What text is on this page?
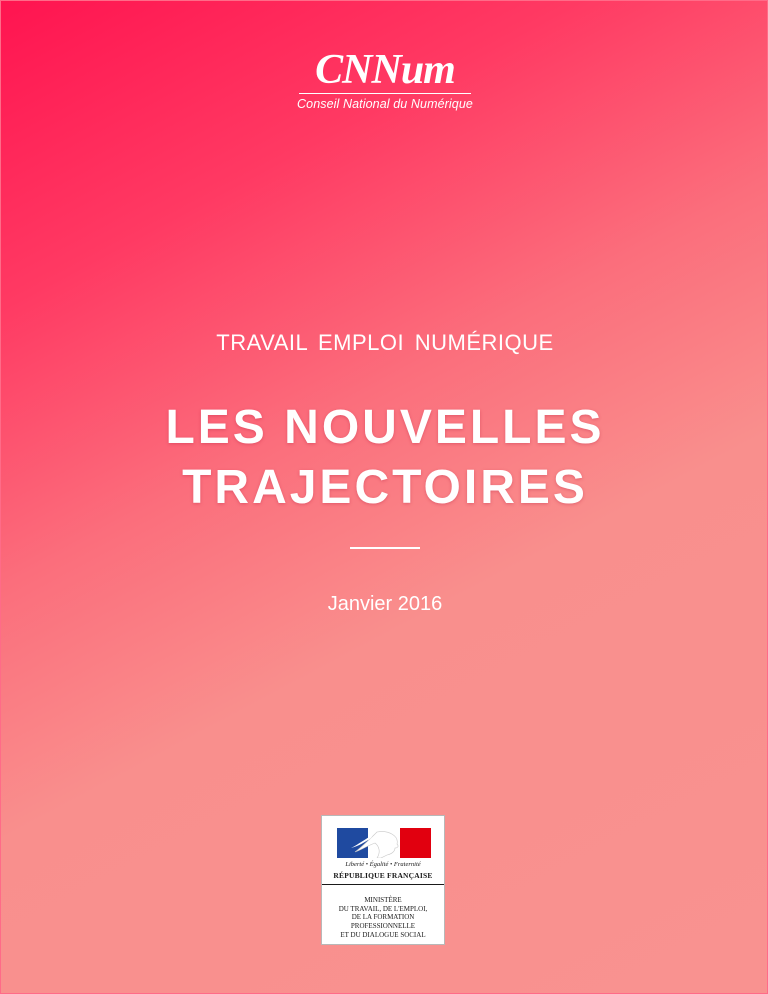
CNNum
Conseil National du Numérique
TRAVAIL EMPLOI NUMÉRIQUE
LES NOUVELLES
TRAJECTOIRES
Janvier 2016
Liberté • Égalité • Fraternité
RÉPUBLIQUE FRANÇAISE
MINISTÈRE
DU TRAVAIL, DE L'EMPLOI,
DE LA FORMATION
PROFESSIONNELLE
ET DU DIALOGUE SOCIAL
